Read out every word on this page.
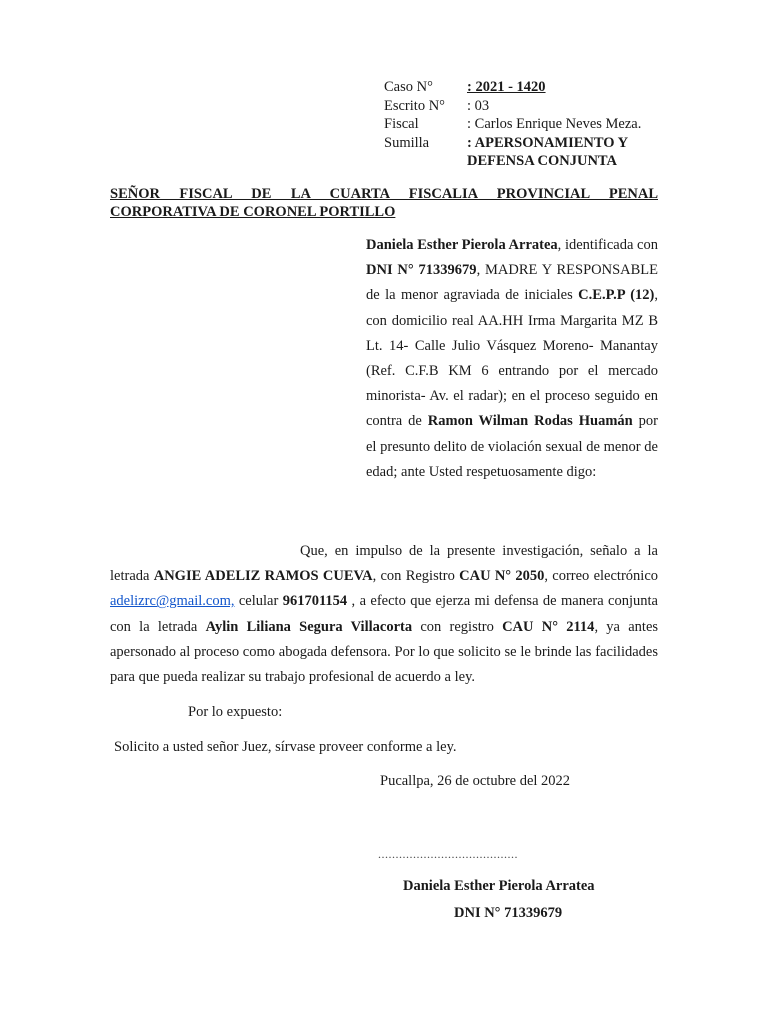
Caso N°	: 2021 - 1420
Escrito N°	: 03
Fiscal	: Carlos Enrique Neves Meza.
Sumilla	: APERSONAMIENTO Y
DEFENSA CONJUNTA
SEÑOR FISCAL DE LA CUARTA FISCALIA PROVINCIAL PENAL
CORPORATIVA DE CORONEL PORTILLO
Daniela Esther Pierola Arratea, identificada con DNI N° 71339679, MADRE Y RESPONSABLE de la menor agraviada de iniciales C.E.P.P (12), con domicilio real AA.HH Irma Margarita MZ B Lt. 14- Calle Julio Vásquez Moreno- Manantay (Ref. C.F.B KM 6 entrando por el mercado minorista- Av. el radar); en el proceso seguido en contra de Ramon Wilman Rodas Huamán por el presunto delito de violación sexual de menor de edad; ante Usted respetuosamente digo:
Que, en impulso de la presente investigación, señalo a la letrada ANGIE ADELIZ RAMOS CUEVA, con Registro CAU N° 2050, correo electrónico adelizrc@gmail.com, celular 961701154 , a efecto que ejerza mi defensa de manera conjunta con la letrada Aylin Liliana Segura Villacorta con registro CAU N° 2114, ya antes apersonado al proceso como abogada defensora. Por lo que solicito se le brinde las facilidades para que pueda realizar su trabajo profesional de acuerdo a ley.
Por lo expuesto:
Solicito a usted señor Juez, sírvase proveer conforme a ley.
Pucallpa, 26 de octubre del 2022
........................................
Daniela Esther Pierola Arratea
DNI N° 71339679
